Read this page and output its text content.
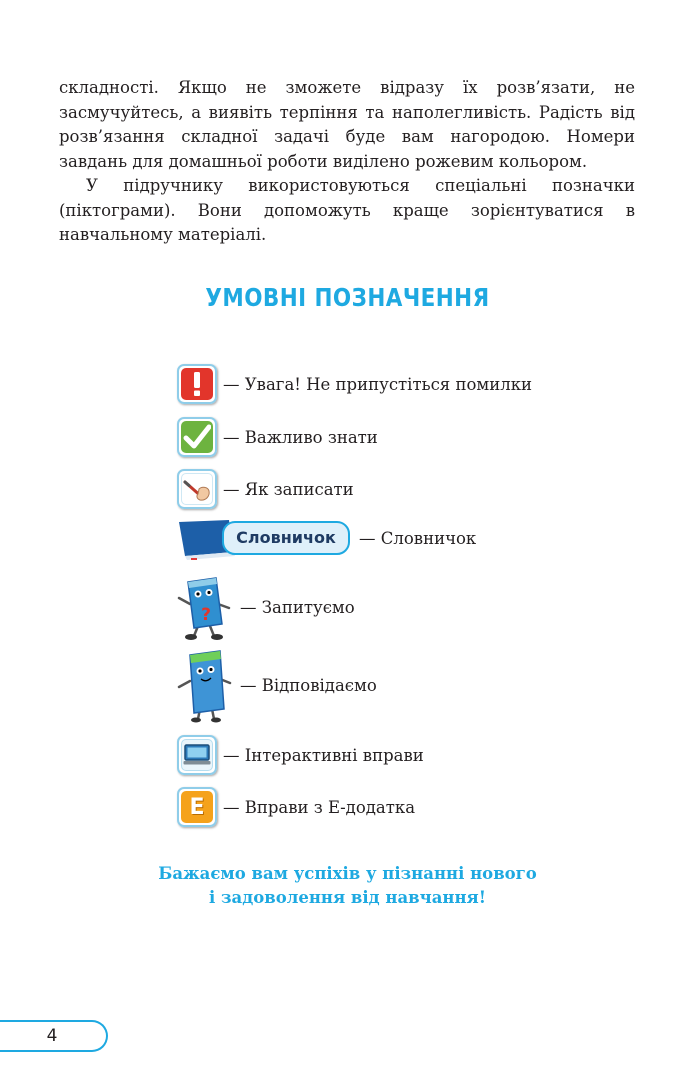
складності. Якщо не зможете відразу їх розв’язати, не засмучуйтесь, а виявіть терпіння та наполегливість. Радість від розв’язання складної задачі буде вам нагородою. Номери завдань для домашньої роботи виділено рожевим кольором.

У підручнику використовуються спеціальні позначки (піктограми). Вони допоможуть краще зорієнтуватися в навчальному матеріалі.

УМОВНІ ПОЗНАЧЕННЯ
— Увага! Не припустіться помилки
— Важливо знати
— Як записати
Словничок	— Словничок
? — Запитуємо
— Відповідаємо
— Інтерактивні вправи
E — Вправи з Е-додатка
Бажаємо вам успіхів у пізнанні нового
і задоволення від навчання!
4
